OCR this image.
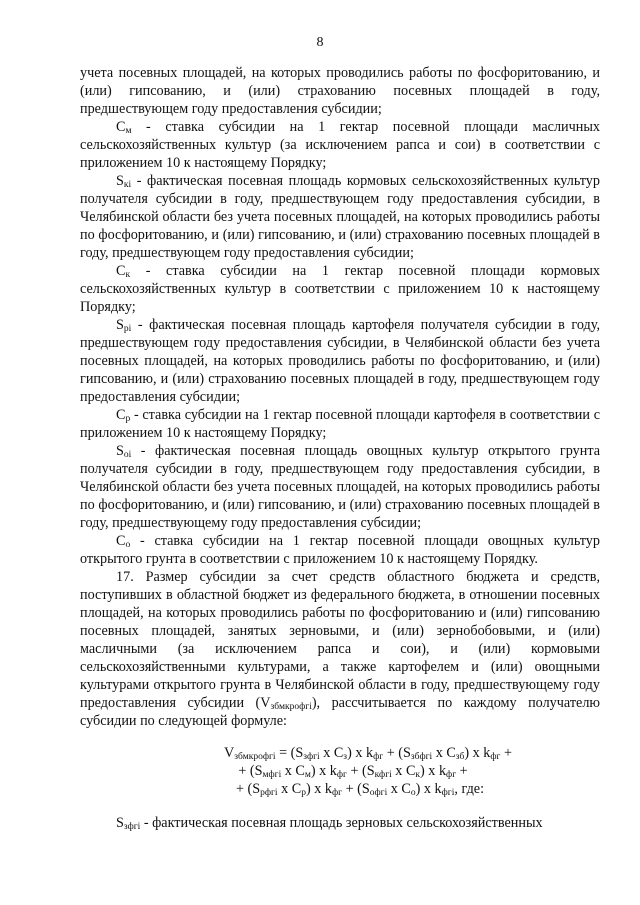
8

учета посевных площадей, на которых проводились работы по фосфоритованию, и (или) гипсованию, и (или) страхованию посевных площадей в году, предшествующем году предоставления субсидии;

$C_м$ - ставка субсидии на 1 гектар посевной площади масличных сельскохозяйственных культур (за исключением рапса и сои) в соответствии с приложением 10 к настоящему Порядку;

$S_{кi}$ - фактическая посевная площадь кормовых сельскохозяйственных культур получателя субсидии в году, предшествующем году предоставления субсидии, в Челябинской области без учета посевных площадей, на которых проводились работы по фосфоритованию, и (или) гипсованию, и (или) страхованию посевных площадей в году, предшествующем году предоставления субсидии;

$C_к$ - ставка субсидии на 1 гектар посевной площади кормовых сельскохозяйственных культур в соответствии с приложением 10 к настоящему Порядку;

$S_{рi}$ - фактическая посевная площадь картофеля получателя субсидии в году, предшествующем году предоставления субсидии, в Челябинской области без учета посевных площадей, на которых проводились работы по фосфоритованию, и (или) гипсованию, и (или) страхованию посевных площадей в году, предшествующем году предоставления субсидии;

$C_р$ - ставка субсидии на 1 гектар посевной площади картофеля в соответствии с приложением 10 к настоящему Порядку;

$S_{оi}$ - фактическая посевная площадь овощных культур открытого грунта получателя субсидии в году, предшествующем году предоставления субсидии, в Челябинской области без учета посевных площадей, на которых проводились работы по фосфоритованию, и (или) гипсованию, и (или) страхованию посевных площадей в году, предшествующему году предоставления субсидии;

$C_о$ - ставка субсидии на 1 гектар посевной площади овощных культур открытого грунта в соответствии с приложением 10 к настоящему Порядку.

17. Размер субсидии за счет средств областного бюджета и средств, поступивших в областной бюджет из федерального бюджета, в отношении посевных площадей, на которых проводились работы по фосфоритованию и (или) гипсованию посевных площадей, занятых зерновыми, и (или) зернобобовыми, и (или) масличными (за исключением рапса и сои), и (или) кормовыми сельскохозяйственными культурами, а также картофелем и (или) овощными культурами открытого грунта в Челябинской области в году, предшествующему году предоставления субсидии $(V_{збмкрофгi})$, рассчитывается по каждому получателю субсидии по следующей формуле:

$V_{збмкрофгi} = (S_{зфгi}$ x $C_з$) x $k_{фг} + (S_{збфгi}$ x $C_{зб}$) x $k_{фг}$ +
+ ($S_{мфгi}$ x $C_м$) x $k_{фг} + (S_{кфгi}$ x $C_к$) x $k_{фг}$ +
+ ($S_{рфгi}$ x $C_р$) x $k_{фг} + (S_{офгi}$ x $C_о$) x $k_{фгi}$, где:

$S_{зфгi}$ - фактическая посевная площадь зерновых сельскохозяйственных
